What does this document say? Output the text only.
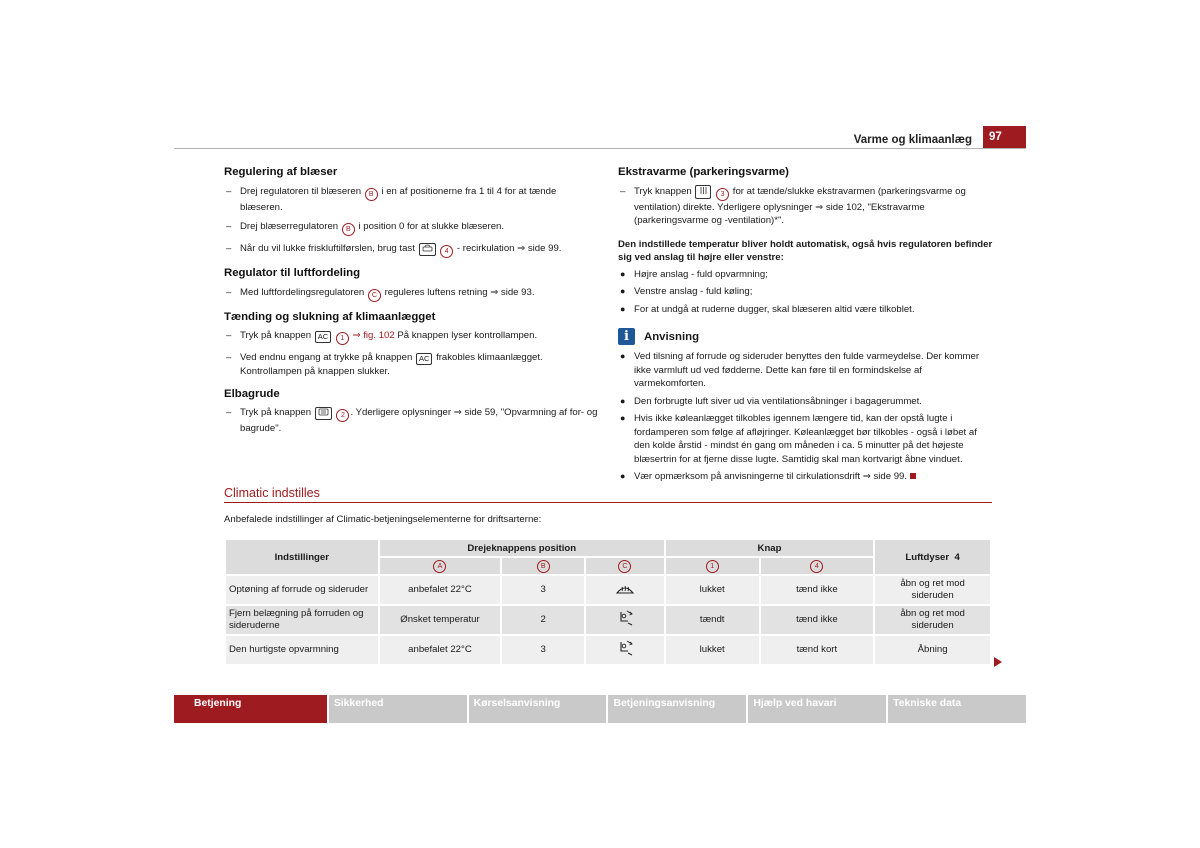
Varme og klimaanlæg	97
Regulering af blæser
– Drej regulatoren til blæseren B i en af positionerne fra 1 til 4 for at tænde blæseren.
– Drej blæserregulatoren B i position 0 for at slukke blæseren.
– Når du vil lukke friskluftilførslen, brug tast	4 - recirkulation ⇒ side 99.
Regulator til luftfordeling
– Med luftfordelingsregulatoren C reguleres luftens retning ⇒ side 93.
Tænding og slukning af klimaanlægget
– Tryk på knappen AC 1 ⇒ fig. 102 På knappen lyser kontrollampen.
– Ved endnu engang at trykke på knappen AC frakobles klimaanlægget. Kontrollampen på knappen slukker.
Elbagrude
– Tryk på knappen	2 . Yderligere oplysninger ⇒ side 59, "Opvarmning af for- og bagrude".
Ekstravarme (parkeringsvarme)
– Tryk knappen	3 for at tænde/slukke ekstravarmen (parkeringsvarme og ventilation) direkte. Yderligere oplysninger ⇒ side 102, "Ekstravarme (parkeringsvarme og -ventilation)*".
Den indstillede temperatur bliver holdt automatisk, også hvis regulatoren befinder sig ved anslag til højre eller venstre:
● Højre anslag - fuld opvarmning;
● Venstre anslag - fuld køling;
● For at undgå at ruderne dugger, skal blæseren altid være tilkoblet.
i	Anvisning
● Ved tilsning af forrude og sideruder benyttes den fulde varmeydelse. Der kommer ikke varmluft ud ved fødderne. Dette kan føre til en formindskelse af varmekomforten.
● Den forbrugte luft siver ud via ventilationsåbninger i bagagerummet.
● Hvis ikke køleanlægget tilkobles igennem længere tid, kan der opstå lugte i fordamperen som følge af afløjringer. Køleanlægget bør tilkobles - også i løbet af den kolde årstid - mindst én gang om måneden i ca. 5 minutter på det højeste blæsertrin for at fjerne disse lugte. Samtidig skal man kortvarigt åbne vinduet.
● Vær opmærksom på anvisningerne til cirkulationsdrift ⇒ side 99.
Climatic indstilles
Anbefalede indstillinger af Climatic-betjeningselementerne for driftsarterne:
Indstillinger	Drejeknappens position			Knap		Luftdyser 4
	A	B	C	1	4	
Optøning af forrude og sideruder	anbefalet 22°C	3		lukket	tænd ikke	åbn og ret mod sideruden
Fjern belægning på forruden og sideruderne	Ønsket temperatur	2		tændt	tænd ikke	åbn og ret mod sideruden
Den hurtigste opvarmning	anbefalet 22°C	3		lukket	tænd kort	Åbning
Betjening	Sikkerhed	Kørselsanvisning	Betjeningsanvisning	Hjælp ved havari	Tekniske data
